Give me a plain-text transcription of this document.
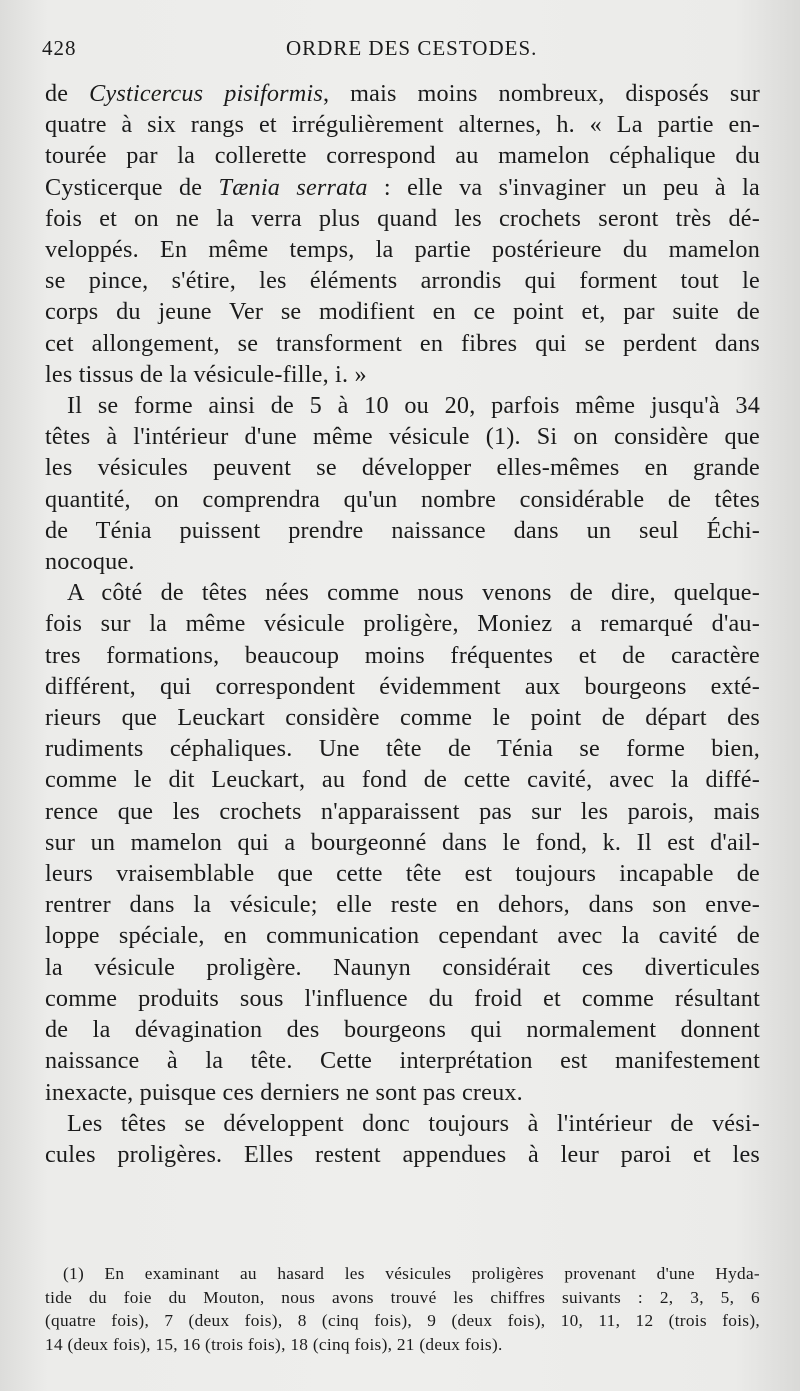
428	ORDRE DES CESTODES.
de Cysticercus pisiformis, mais moins nombreux, disposés sur
quatre à six rangs et irrégulièrement alternes, h. « La partie en-
tourée par la collerette correspond au mamelon céphalique du
Cysticerque de Tænia serrata : elle va s'invaginer un peu à la
fois et on ne la verra plus quand les crochets seront très dé-
veloppés. En même temps, la partie postérieure du mamelon
se pince, s'étire, les éléments arrondis qui forment tout le
corps du jeune Ver se modifient en ce point et, par suite de
cet allongement, se transforment en fibres qui se perdent dans
les tissus de la vésicule-fille, i. »
Il se forme ainsi de 5 à 10 ou 20, parfois même jusqu'à 34
têtes à l'intérieur d'une même vésicule (1). Si on considère que
les vésicules peuvent se développer elles-mêmes en grande
quantité, on comprendra qu'un nombre considérable de têtes
de Ténia puissent prendre naissance dans un seul Échi-
nocoque.
A côté de têtes nées comme nous venons de dire, quelque-
fois sur la même vésicule proligère, Moniez a remarqué d'au-
tres formations, beaucoup moins fréquentes et de caractère
différent, qui correspondent évidemment aux bourgeons exté-
rieurs que Leuckart considère comme le point de départ des
rudiments céphaliques. Une tête de Ténia se forme bien,
comme le dit Leuckart, au fond de cette cavité, avec la diffé-
rence que les crochets n'apparaissent pas sur les parois, mais
sur un mamelon qui a bourgeonné dans le fond, k. Il est d'ail-
leurs vraisemblable que cette tête est toujours incapable de
rentrer dans la vésicule; elle reste en dehors, dans son enve-
loppe spéciale, en communication cependant avec la cavité de
la vésicule proligère. Naunyn considérait ces diverticules
comme produits sous l'influence du froid et comme résultant
de la dévagination des bourgeons qui normalement donnent
naissance à la tête. Cette interprétation est manifestement
inexacte, puisque ces derniers ne sont pas creux.
Les têtes se développent donc toujours à l'intérieur de vési-
cules proligères. Elles restent appendues à leur paroi et les
(1) En examinant au hasard les vésicules proligères provenant d'une Hyda-
tide du foie du Mouton, nous avons trouvé les chiffres suivants : 2, 3, 5, 6
(quatre fois), 7 (deux fois), 8 (cinq fois), 9 (deux fois), 10, 11, 12 (trois fois),
14 (deux fois), 15, 16 (trois fois), 18 (cinq fois), 21 (deux fois).
